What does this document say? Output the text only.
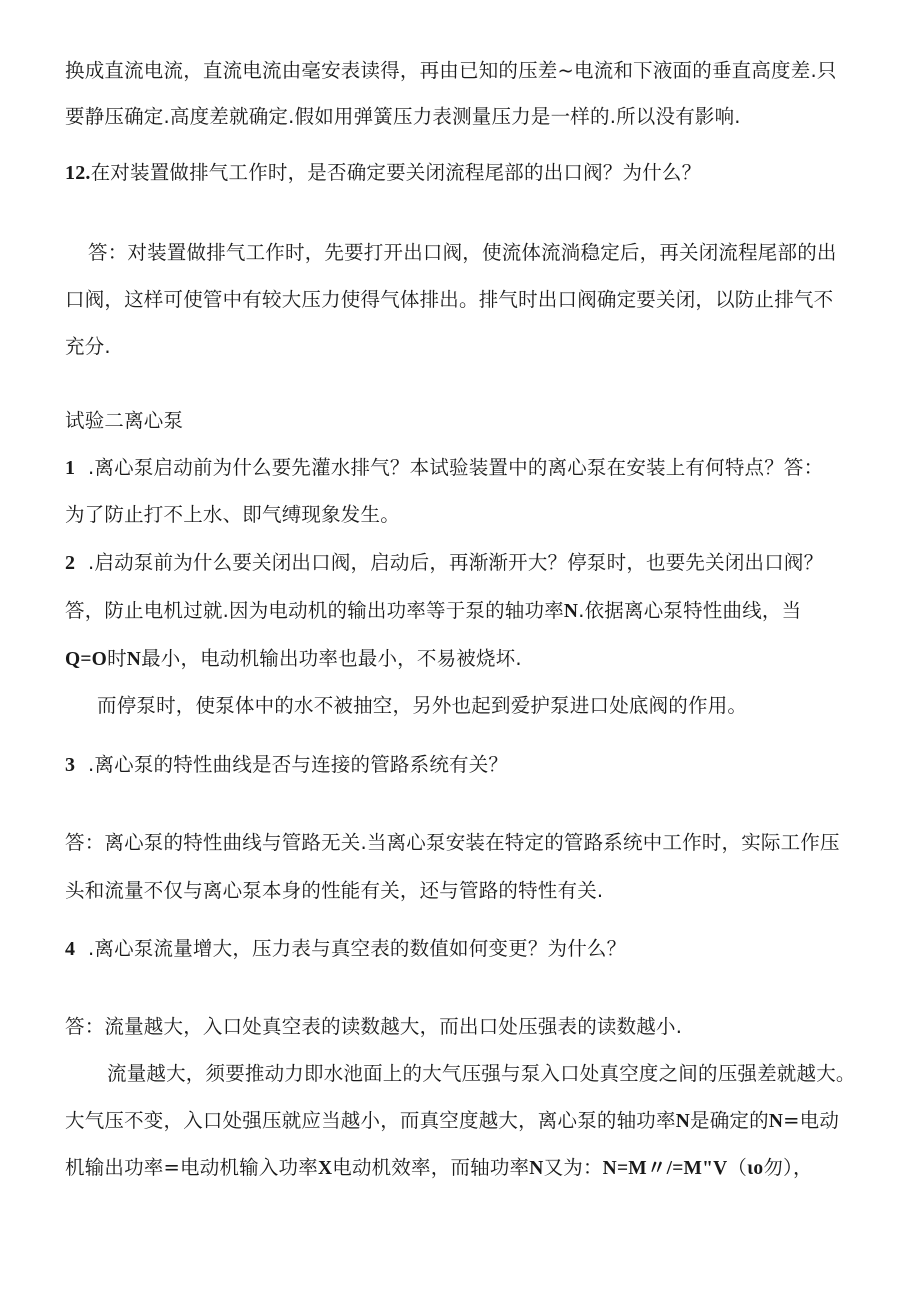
换成直流电流，直流电流由毫安表读得，再由已知的压差~电流和下液面的垂直高度差.只
要静压确定.高度差就确定.假如用弹簧压力表测量压力是一样的.所以没有影响.
12.在对装置做排气工作时，是否确定要关闭流程尾部的出口阀？为什么？
答：对装置做排气工作时，先要打开出口阀，使流体流淌稳定后，再关闭流程尾部的出
口阀，这样可使管中有较大压力使得气体排出。排气时出口阀确定要关闭，以防止排气不
充分.
试验二离心泵
1 .离心泵启动前为什么要先灌水排气？本试验装置中的离心泵在安装上有何特点？答：
为了防止打不上水、即气缚现象发生。
2 .启动泵前为什么要关闭出口阀，启动后，再渐渐开大？停泵时，也要先关闭出口阀？
答，防止电机过就.因为电动机的输出功率等于泵的轴功率N.依据离心泵特性曲线，当
Q=O时N最小，电动机输出功率也最小，不易被烧坏.
而停泵时，使泵体中的水不被抽空，另外也起到爱护泵进口处底阀的作用。
3 .离心泵的特性曲线是否与连接的管路系统有关？
答：离心泵的特性曲线与管路无关.当离心泵安装在特定的管路系统中工作时，实际工作压
头和流量不仅与离心泵本身的性能有关，还与管路的特性有关.
4 .离心泵流量增大，压力表与真空表的数值如何变更？为什么？
答：流量越大，入口处真空表的读数越大，而出口处压强表的读数越小.
流量越大，须要推动力即水池面上的大气压强与泵入口处真空度之间的压强差就越大。
大气压不变，入口处强压就应当越小，而真空度越大，离心泵的轴功率N是确定的N=电动
机输出功率=电动机输入功率X电动机效率，而轴功率N又为：N=M〃/=M"V（ιo勿），
